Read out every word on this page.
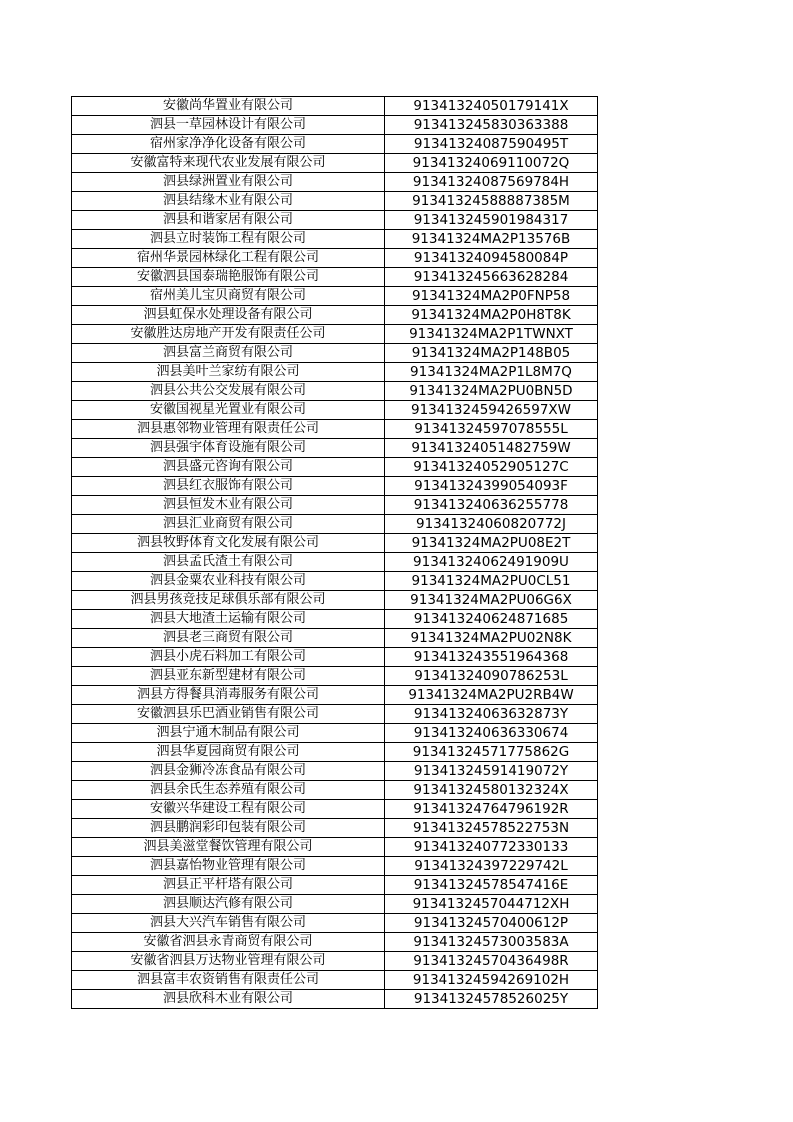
安徽尚华置业有限公司	91341324050179141X
泗县一草园林设计有限公司	913413245830363388
宿州家净净化设备有限公司	91341324087590495T
安徽富特来现代农业发展有限公司	91341324069110072Q
泗县绿洲置业有限公司	91341324087569784H
泗县结缘木业有限公司	91341324588887385M
泗县和谐家居有限公司	913413245901984317
泗县立时装饰工程有限公司	91341324MA2P13576B
宿州华景园林绿化工程有限公司	91341324094580084P
安徽泗县国泰瑞艳服饰有限公司	913413245663628284
宿州美儿宝贝商贸有限公司	91341324MA2P0FNP58
泗县虹保水处理设备有限公司	91341324MA2P0H8T8K
安徽胜达房地产开发有限责任公司	91341324MA2P1TWNXT
泗县富兰商贸有限公司	91341324MA2P148B05
泗县美叶兰家纺有限公司	91341324MA2P1L8M7Q
泗县公共公交发展有限公司	91341324MA2PU0BN5D
安徽国视星光置业有限公司	9134132459426597XW
泗县惠邻物业管理有限责任公司	91341324597078555L
泗县强宇体育设施有限公司	91341324051482759W
泗县盛元咨询有限公司	91341324052905127C
泗县红衣服饰有限公司	91341324399054093F
泗县恒发木业有限公司	913413240636255778
泗县汇业商贸有限公司	91341324060820772J
泗县牧野体育文化发展有限公司	91341324MA2PU08E2T
泗县孟氏渣土有限公司	91341324062491909U
泗县金粟农业科技有限公司	91341324MA2PU0CL51
泗县男孩竞技足球俱乐部有限公司	91341324MA2PU06G6X
泗县大地渣土运输有限公司	913413240624871685
泗县老三商贸有限公司	91341324MA2PU02N8K
泗县小虎石料加工有限公司	913413243551964368
泗县亚东新型建材有限公司	91341324090786253L
泗县方得餐具消毒服务有限公司	91341324MA2PU2RB4W
安徽泗县乐巴酒业销售有限公司	91341324063632873Y
泗县宁通木制品有限公司	913413240636330674
泗县华夏园商贸有限公司	91341324571775862G
泗县金狮冷冻食品有限公司	91341324591419072Y
泗县余氏生态养殖有限公司	91341324580132324X
安徽兴华建设工程有限公司	91341324764796192R
泗县鹏润彩印包装有限公司	91341324578522753N
泗县美滋堂餐饮管理有限公司	913413240772330133
泗县嘉怡物业管理有限公司	91341324397229742L
泗县正平杆塔有限公司	91341324578547416E
泗县顺达汽修有限公司	9134132457044712XH
泗县大兴汽车销售有限公司	91341324570400612P
安徽省泗县永青商贸有限公司	91341324573003583A
安徽省泗县万达物业管理有限公司	91341324570436498R
泗县富丰农资销售有限责任公司	91341324594269102H
泗县欣科木业有限公司	91341324578526025Y
